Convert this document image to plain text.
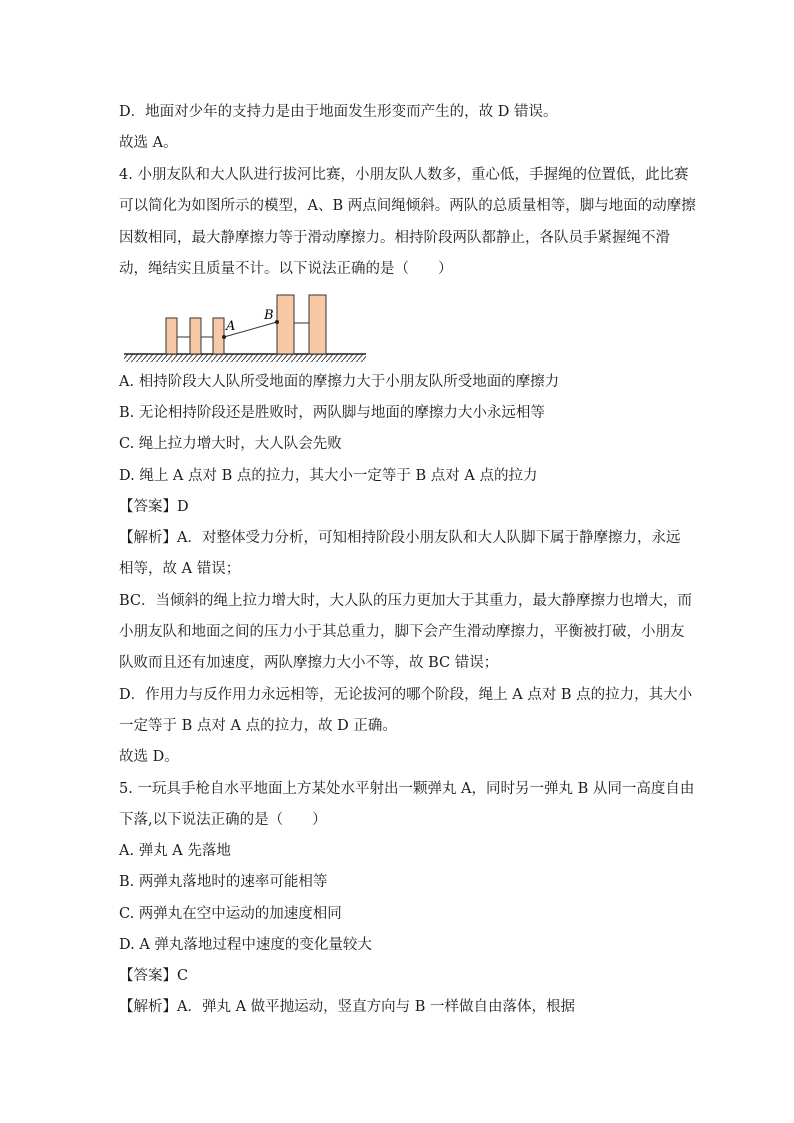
D．地面对少年的支持力是由于地面发生形变而产生的，故 D 错误。
故选 A。
4. 小朋友队和大人队进行拔河比赛，小朋友队人数多，重心低，手握绳的位置低，此比赛
可以简化为如图所示的模型，A、B 两点间绳倾斜。两队的总质量相等，脚与地面的动摩擦
因数相同，最大静摩擦力等于滑动摩擦力。相持阶段两队都静止，各队员手紧握绳不滑
动，绳结实且质量不计。以下说法正确的是（　　）
A
B
A. 相持阶段大人队所受地面的摩擦力大于小朋友队所受地面的摩擦力
B. 无论相持阶段还是胜败时，两队脚与地面的摩擦力大小永远相等
C. 绳上拉力增大时，大人队会先败
D. 绳上 A 点对 B 点的拉力，其大小一定等于 B 点对 A 点的拉力
【答案】D
【解析】A．对整体受力分析，可知相持阶段小朋友队和大人队脚下属于静摩擦力，永远
相等，故 A 错误；
BC．当倾斜的绳上拉力增大时，大人队的压力更加大于其重力，最大静摩擦力也增大，而
小朋友队和地面之间的压力小于其总重力，脚下会产生滑动摩擦力，平衡被打破，小朋友
队败而且还有加速度，两队摩擦力大小不等，故 BC 错误；
D．作用力与反作用力永远相等，无论拔河的哪个阶段，绳上 A 点对 B 点的拉力，其大小
一定等于 B 点对 A 点的拉力，故 D 正确。
故选 D。
5. 一玩具手枪自水平地面上方某处水平射出一颗弹丸 A，同时另一弹丸 B 从同一高度自由
下落,以下说法正确的是（　　）
A. 弹丸 A 先落地
B. 两弹丸落地时的速率可能相等
C. 两弹丸在空中运动的加速度相同
D. A 弹丸落地过程中速度的变化量较大
【答案】C
【解析】A．弹丸 A 做平抛运动，竖直方向与 B 一样做自由落体，根据
